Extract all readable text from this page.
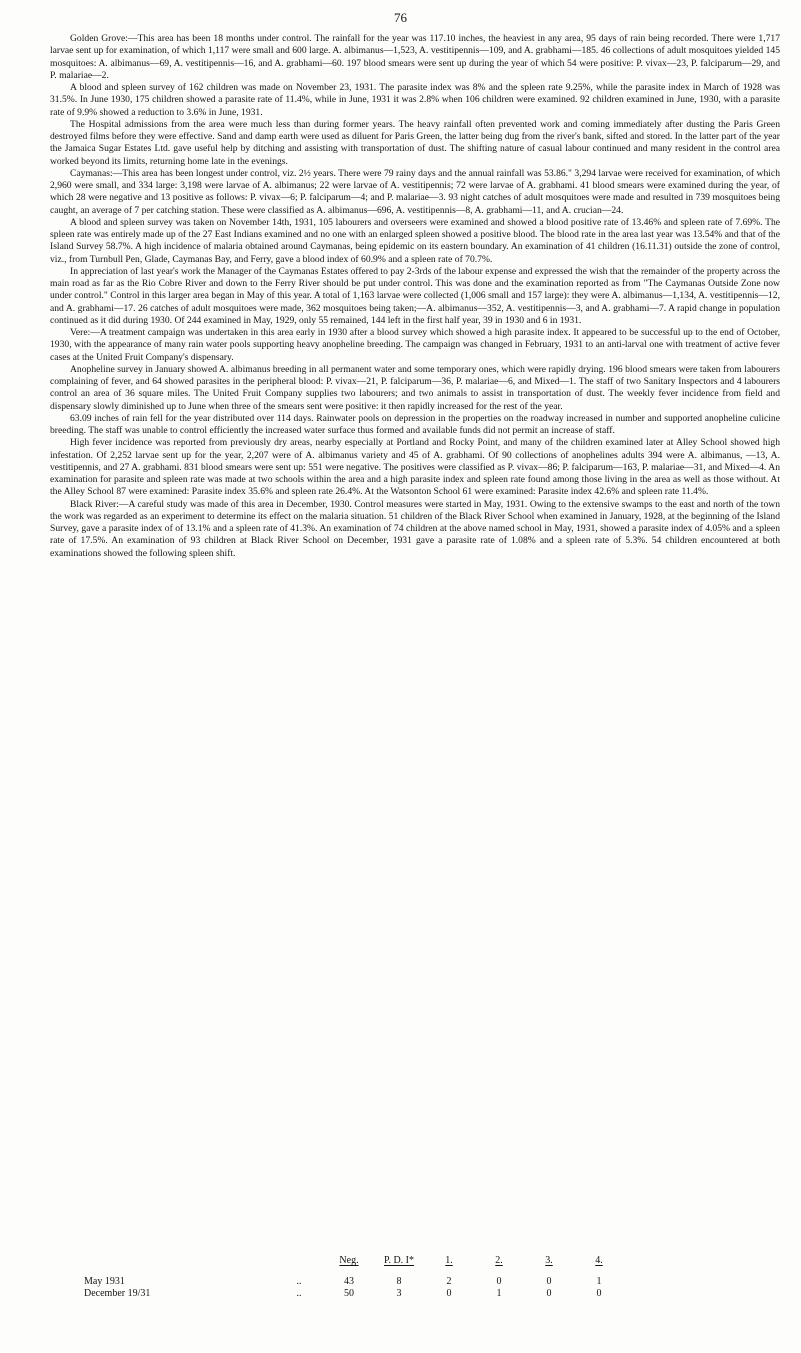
76

Golden Grove:—This area has been 18 months under control. The rainfall for the year was 117.10 inches, the heaviest in any area, 95 days of rain being recorded. There were 1,717 larvae sent up for examination, of which 1,117 were small and 600 large. A. albimanus—1,523, A. vestitipennis—109, and A. grabhami—185. 46 collections of adult mosquitoes yielded 145 mosquitoes: A. albimanus—69, A. vestitipennis—16, and A. grabhami—60. 197 blood smears were sent up during the year of which 54 were positive: P. vivax—23, P. falciparum—29, and P. malariae—2.

A blood and spleen survey of 162 children was made on November 23, 1931. The parasite index was 8% and the spleen rate 9.25%, while the parasite index in March of 1928 was 31.5%. In June 1930, 175 children showed a parasite rate of 11.4%, while in June, 1931 it was 2.8% when 106 children were examined. 92 children examined in June, 1930, with a parasite rate of 9.9% showed a reduction to 3.6% in June, 1931.

The Hospital admissions from the area were much less than during former years. The heavy rainfall often prevented work and coming immediately after dusting the Paris Green destroyed films before they were effective. Sand and damp earth were used as diluent for Paris Green, the latter being dug from the river's bank, sifted and stored. In the latter part of the year the Jamaica Sugar Estates Ltd. gave useful help by ditching and assisting with transportation of dust. The shifting nature of casual labour continued and many resident in the control area worked beyond its limits, returning home late in the evenings.

Caymanas:—This area has been longest under control, viz. 2½ years. There were 79 rainy days and the annual rainfall was 53.86." 3,294 larvae were received for examination, of which 2,960 were small, and 334 large: 3,198 were larvae of A. albimanus; 22 were larvae of A. vestitipennis; 72 were larvae of A. grabhami. 41 blood smears were examined during the year, of which 28 were negative and 13 positive as follows: P. vivax—6; P. falciparum—4; and P. malariae—3. 93 night catches of adult mosquitoes were made and resulted in 739 mosquitoes being caught, an average of 7 per catching station. These were classified as A. albimanus—696, A. vestitipennis—8, A. grabhami—11, and A. crucian—24.

A blood and spleen survey was taken on November 14th, 1931, 105 labourers and overseers were examined and showed a blood positive rate of 13.46% and spleen rate of 7.69%. The spleen rate was entirely made up of the 27 East Indians examined and no one with an enlarged spleen showed a positive blood. The blood rate in the area last year was 13.54% and that of the Island Survey 58.7%. A high incidence of malaria obtained around Caymanas, being epidemic on its eastern boundary. An examination of 41 children (16.11.31) outside the zone of control, viz., from Turnbull Pen, Glade, Caymanas Bay, and Ferry, gave a blood index of 60.9% and a spleen rate of 70.7%.

In appreciation of last year's work the Manager of the Caymanas Estates offered to pay 2-3rds of the labour expense and expressed the wish that the remainder of the property across the main road as far as the Rio Cobre River and down to the Ferry River should be put under control. This was done and the examination reported as from "The Caymanas Outside Zone now under control." Control in this larger area began in May of this year. A total of 1,163 larvae were collected (1,006 small and 157 large): they were A. albimanus—1,134, A. vestitipennis—12, and A. grabhami—17. 26 catches of adult mosquitoes were made, 362 mosquitoes being taken;—A. albimanus—352, A. vestitipennis—3, and A. grabhami—7. A rapid change in population continued as it did during 1930. Of 244 examined in May, 1929, only 55 remained, 144 left in the first half year, 39 in 1930 and 6 in 1931.

Vere:—A treatment campaign was undertaken in this area early in 1930 after a blood survey which showed a high parasite index. It appeared to be successful up to the end of October, 1930, with the appearance of many rain water pools supporting heavy anopheline breeding. The campaign was changed in February, 1931 to an anti-larval one with treatment of active fever cases at the United Fruit Company's dispensary.

Anopheline survey in January showed A. albimanus breeding in all permanent water and some temporary ones, which were rapidly drying. 196 blood smears were taken from labourers complaining of fever, and 64 showed parasites in the peripheral blood: P. vivax—21, P. falciparum—36, P. malariae—6, and Mixed—1. The staff of two Sanitary Inspectors and 4 labourers control an area of 36 square miles. The United Fruit Company supplies two labourers; and two animals to assist in transportation of dust. The weekly fever incidence from field and dispensary slowly diminished up to June when three of the smears sent were positive: it then rapidly increased for the rest of the year.

63.09 inches of rain fell for the year distributed over 114 days. Rainwater pools on depression in the properties on the roadway increased in number and supported anopheline culicine breeding. The staff was unable to control efficiently the increased water surface thus formed and available funds did not permit an increase of staff.

High fever incidence was reported from previously dry areas, nearby especially at Portland and Rocky Point, and many of the children examined later at Alley School showed high infestation. Of 2,252 larvae sent up for the year, 2,207 were of A. albimanus variety and 45 of A. grabhami. Of 90 collections of anophelines adults 394 were A. albimanus, —13, A. vestitipennis, and 27 A. grabhami. 831 blood smears were sent up: 551 were negative. The positives were classified as P. vivax—86; P. falciparum—163, P. malariae—31, and Mixed—4. An examination for parasite and spleen rate was made at two schools within the area and a high parasite index and spleen rate found among those living in the area as well as those without. At the Alley School 87 were examined: Parasite index 35.6% and spleen rate 26.4%. At the Watsonton School 61 were examined: Parasite index 42.6% and spleen rate 11.4%.

Black River:—A careful study was made of this area in December, 1930. Control measures were started in May, 1931. Owing to the extensive swamps to the east and north of the town the work was regarded as an experiment to determine its effect on the malaria situation. 51 children of the Black River School when examined in January, 1928, at the beginning of the Island Survey, gave a parasite index of of 13.1% and a spleen rate of 41.3%. An examination of 74 children at the above named school in May, 1931, showed a parasite index of 4.05% and a spleen rate of 17.5%. An examination of 93 children at Black River School on December, 1931 gave a parasite rate of 1.08% and a spleen rate of 5.3%. 54 children encountered at both examinations showed the following spleen shift.

		Neg.	P. D. I*	1.	2.	3.	4.

May 1931	..	43	8	2	0	0	1
December 19/31	..	50	3	0	1	0	0
